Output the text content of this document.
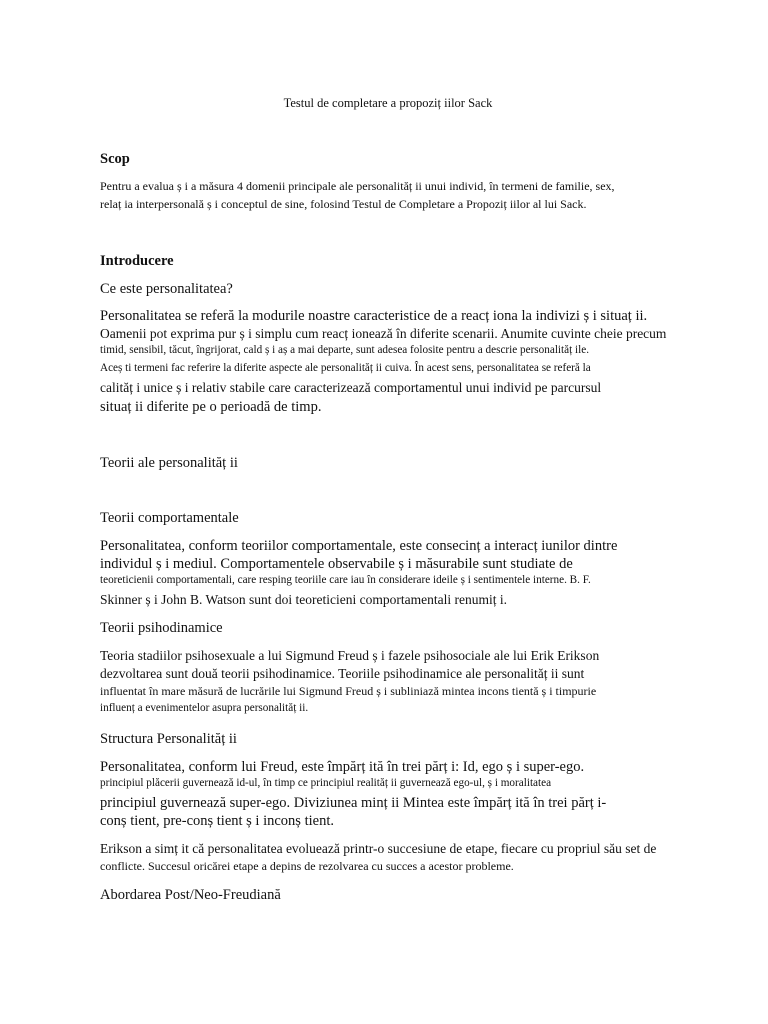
Testul de completare a propoziț iilor Sack
Scop
Pentru a evalua ș i a măsura 4 domenii principale ale personalităț ii unui individ, în termeni de familie, sex,
relaț ia interpersonală ș i conceptul de sine, folosind Testul de Completare a Propoziț iilor al lui Sack.
Introducere
Ce este personalitatea?
Personalitatea se referă la modurile noastre caracteristice de a reacț iona la indivizi ș i situaț ii.
Oamenii pot exprima pur ș i simplu cum reacț ionează în diferite scenarii. Anumite cuvinte cheie precum
timid, sensibil, tăcut, îngrijorat, cald ș i aș a mai departe, sunt adesea folosite pentru a descrie personalităț ile.
Aceș ti termeni fac referire la diferite aspecte ale personalităț ii cuiva. În acest sens, personalitatea se referă la
calităț i unice ș i relativ stabile care caracterizează comportamentul unui individ pe parcursul
situaț ii diferite pe o perioadă de timp.
Teorii ale personalităț ii
Teorii comportamentale
Personalitatea, conform teoriilor comportamentale, este consecinț a interacț iunilor dintre
individul ș i mediul. Comportamentele observabile ș i măsurabile sunt studiate de
teoreticienii comportamentali, care resping teoriile care iau în considerare ideile ș i sentimentele interne. B. F.
Skinner ș i John B. Watson sunt doi teoreticieni comportamentali renumiț i.
Teorii psihodinamice
Teoria stadiilor psihosexuale a lui Sigmund Freud ș i fazele psihosociale ale lui Erik Erikson
dezvoltarea sunt două teorii psihodinamice. Teoriile psihodinamice ale personalităț ii sunt
influentat în mare măsură de lucrările lui Sigmund Freud ș i subliniază mintea incons tientă ș i timpurie
influenț a evenimentelor asupra personalităț ii.
Structura Personalităț ii
Personalitatea, conform lui Freud, este împărț ită în trei părț i: Id, ego ș i super-ego.
principiul plăcerii guvernează id-ul, în timp ce principiul realităț ii guvernează ego-ul, ș i moralitatea
principiul guvernează super-ego. Diviziunea minț ii Mintea este împărț ită în trei părț i-
conș tient, pre-conș tient ș i inconș tient.
Erikson a simț it că personalitatea evoluează printr-o succesiune de etape, fiecare cu propriul său set de
conflicte. Succesul oricărei etape a depins de rezolvarea cu succes a acestor probleme.
Abordarea Post/Neo-Freudiană
